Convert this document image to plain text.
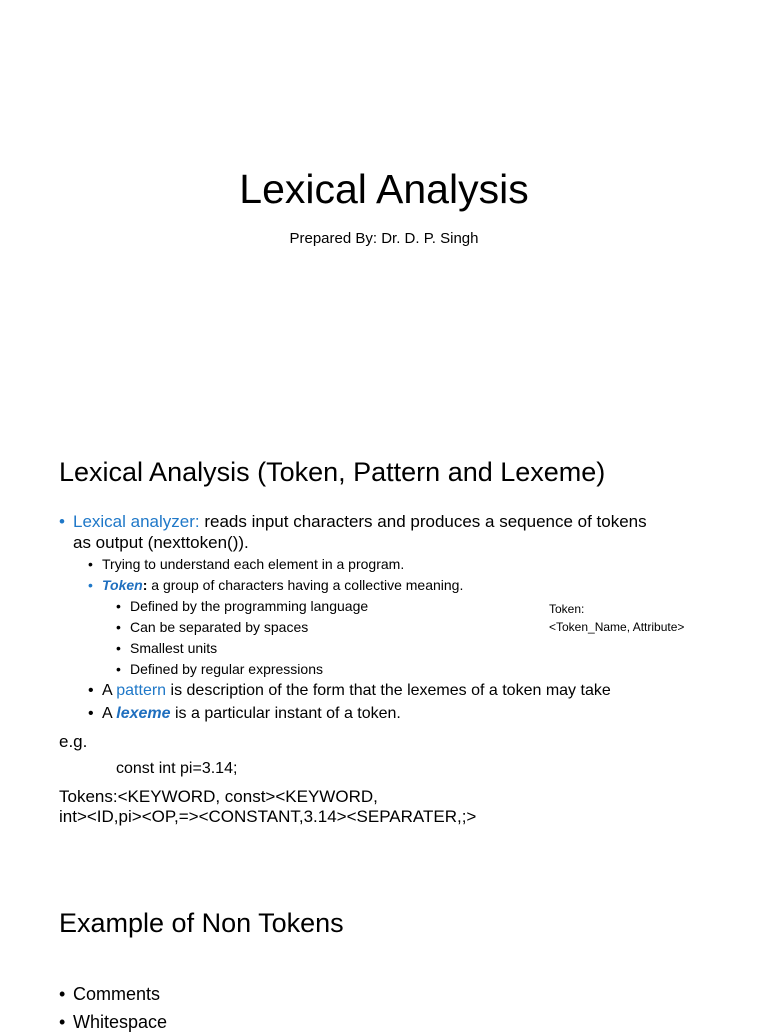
Lexical Analysis

Prepared By: Dr. D. P. Singh

Lexical Analysis (Token, Pattern and Lexeme)
• Lexical analyzer: reads input characters and produces a sequence of tokens
as output (nexttoken()).
• Trying to understand each element in a program.
• Token: a group of characters having a collective meaning.
• Defined by the programming language
• Can be separated by spaces
• Smallest units
• Defined by regular expressions
Token:
<Token_Name, Attribute>
• A pattern is description of the form that the lexemes of a token may take
• A lexeme is a particular instant of a token.
e.g.
const int pi=3.14;
Tokens:<KEYWORD, const><KEYWORD,
int><ID,pi><OP,=><CONSTANT,3.14><SEPARATER,;>
Example of Non Tokens
• Comments
• Whitespace
